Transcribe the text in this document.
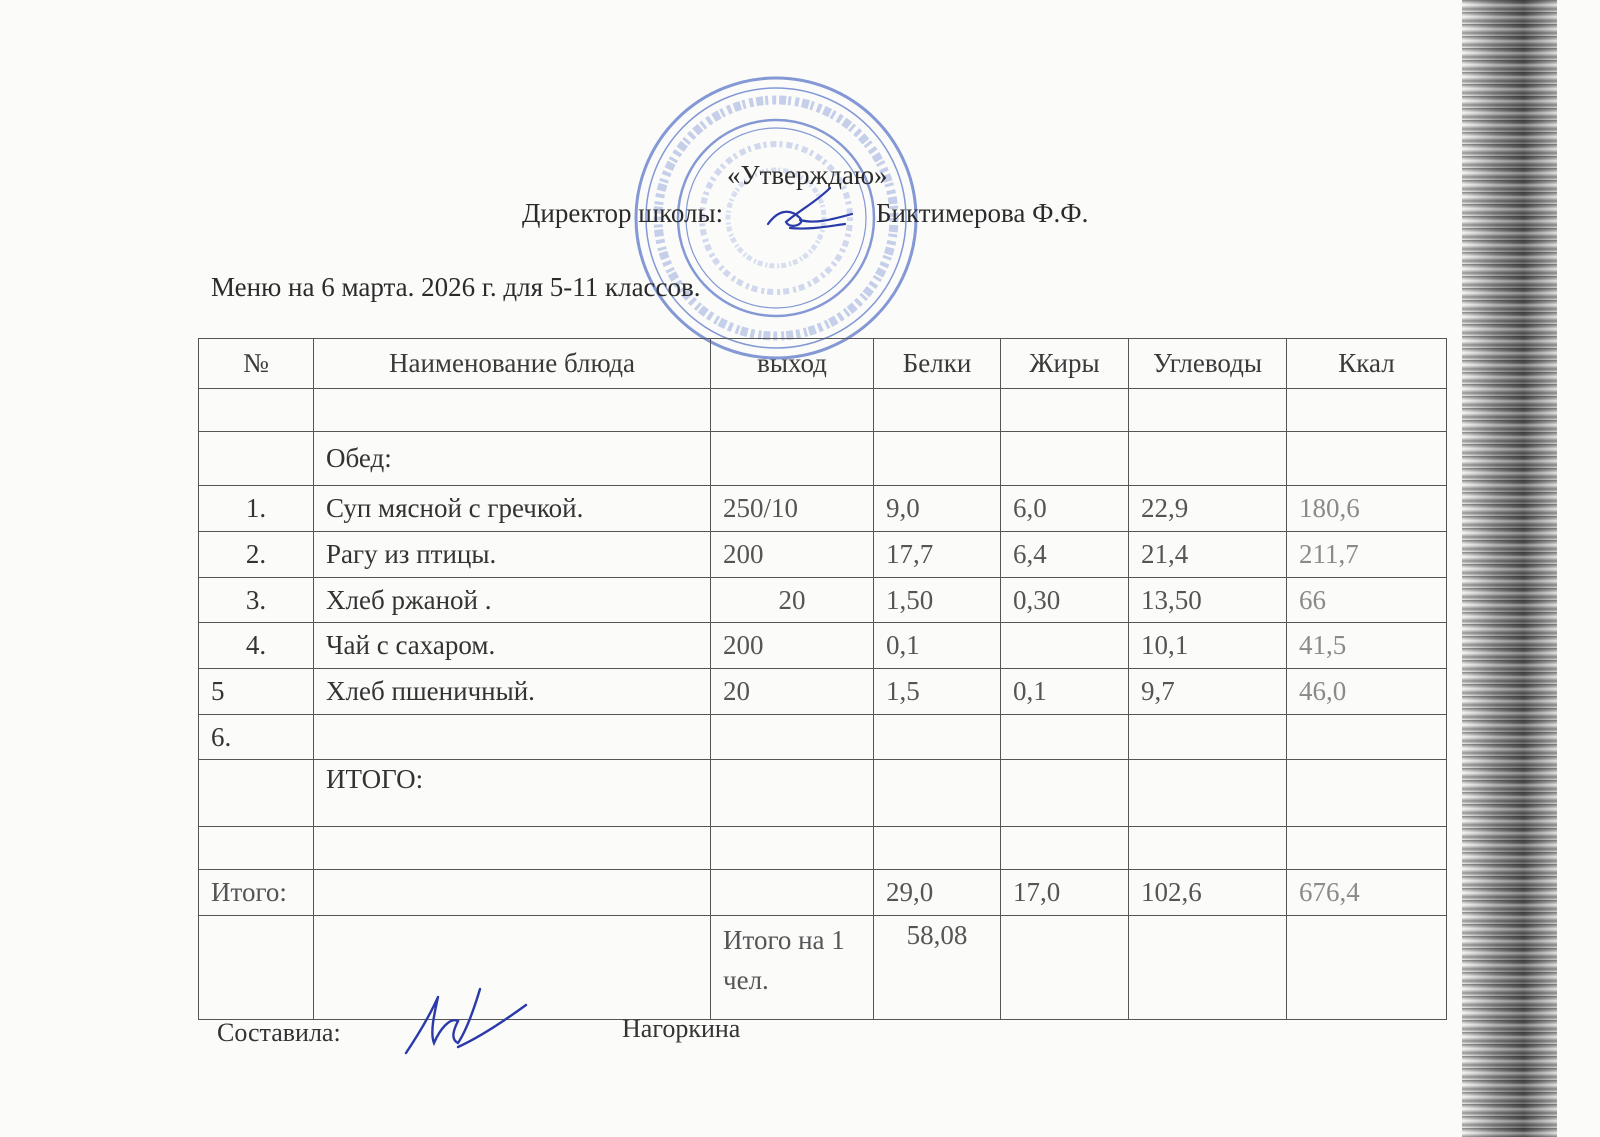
«Утверждаю»
Директор школы:	Биктимерова Ф.Ф.
Меню на 6 марта. 2026 г. для 5-11 классов.
№	Наименование блюда	выход	Белки	Жиры	Углеводы	Ккал

	Обед:					
1.	Суп мясной с гречкой.	250/10	9,0	6,0	22,9	180,6
2.	Рагу из птицы.	200	17,7	6,4	21,4	211,7
3.	Хлеб ржаной .	20	1,50	0,30	13,50	66
4.	Чай с сахаром.	200	0,1		10,1	41,5
5	Хлеб пшеничный.	20	1,5	0,1	9,7	46,0
6.						
	ИТОГО:					

Итого:			29,0	17,0	102,6	676,4
		Итого на 1 чел.	58,08			
Составила:	Нагоркина
